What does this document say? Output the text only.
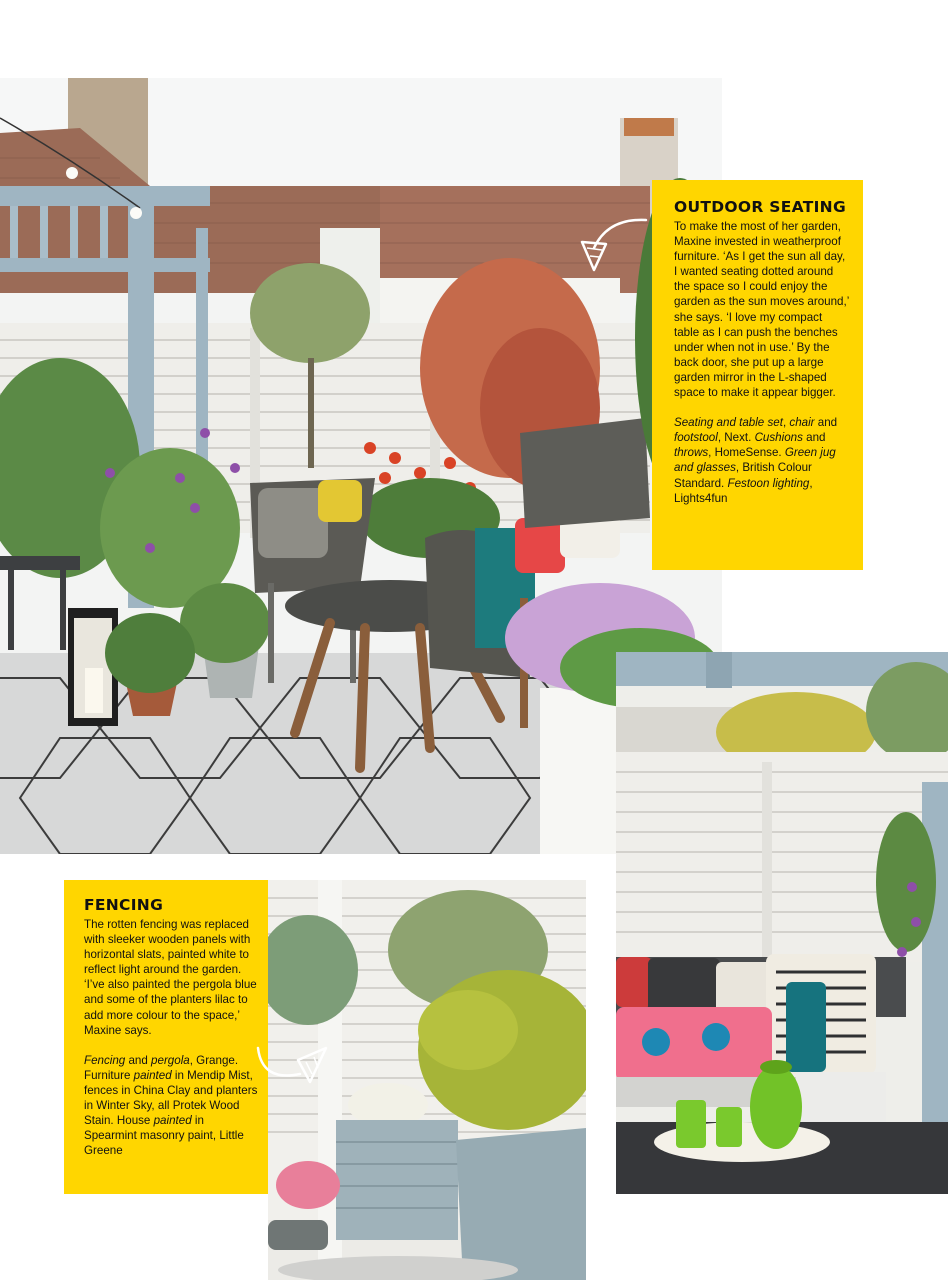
OUTDOOR SEATING

To make the most of her garden, Maxine invested in weatherproof furniture. ‘As I get the sun all day, I wanted seating dotted around the space so I could enjoy the garden as the sun moves around,’ she says. ‘I love my compact table as I can push the benches under when not in use.’ By the back door, she put up a large garden mirror in the L-shaped space to make it appear bigger.

Seating and table set, chair and footstool, Next. Cushions and throws, HomeSense. Green jug and glasses, British Colour Standard. Festoon lighting, Lights4fun

FENCING

The rotten fencing was replaced with sleeker wooden panels with horizontal slats, painted white to reflect light around the garden. ‘I’ve also painted the pergola blue and some of the planters lilac to add more colour to the space,’ Maxine says.

Fencing and pergola, Grange. Furniture painted in Mendip Mist, fences in China Clay and planters in Winter Sky, all Protek Wood Stain. House painted in Spearmint masonry paint, Little Greene
